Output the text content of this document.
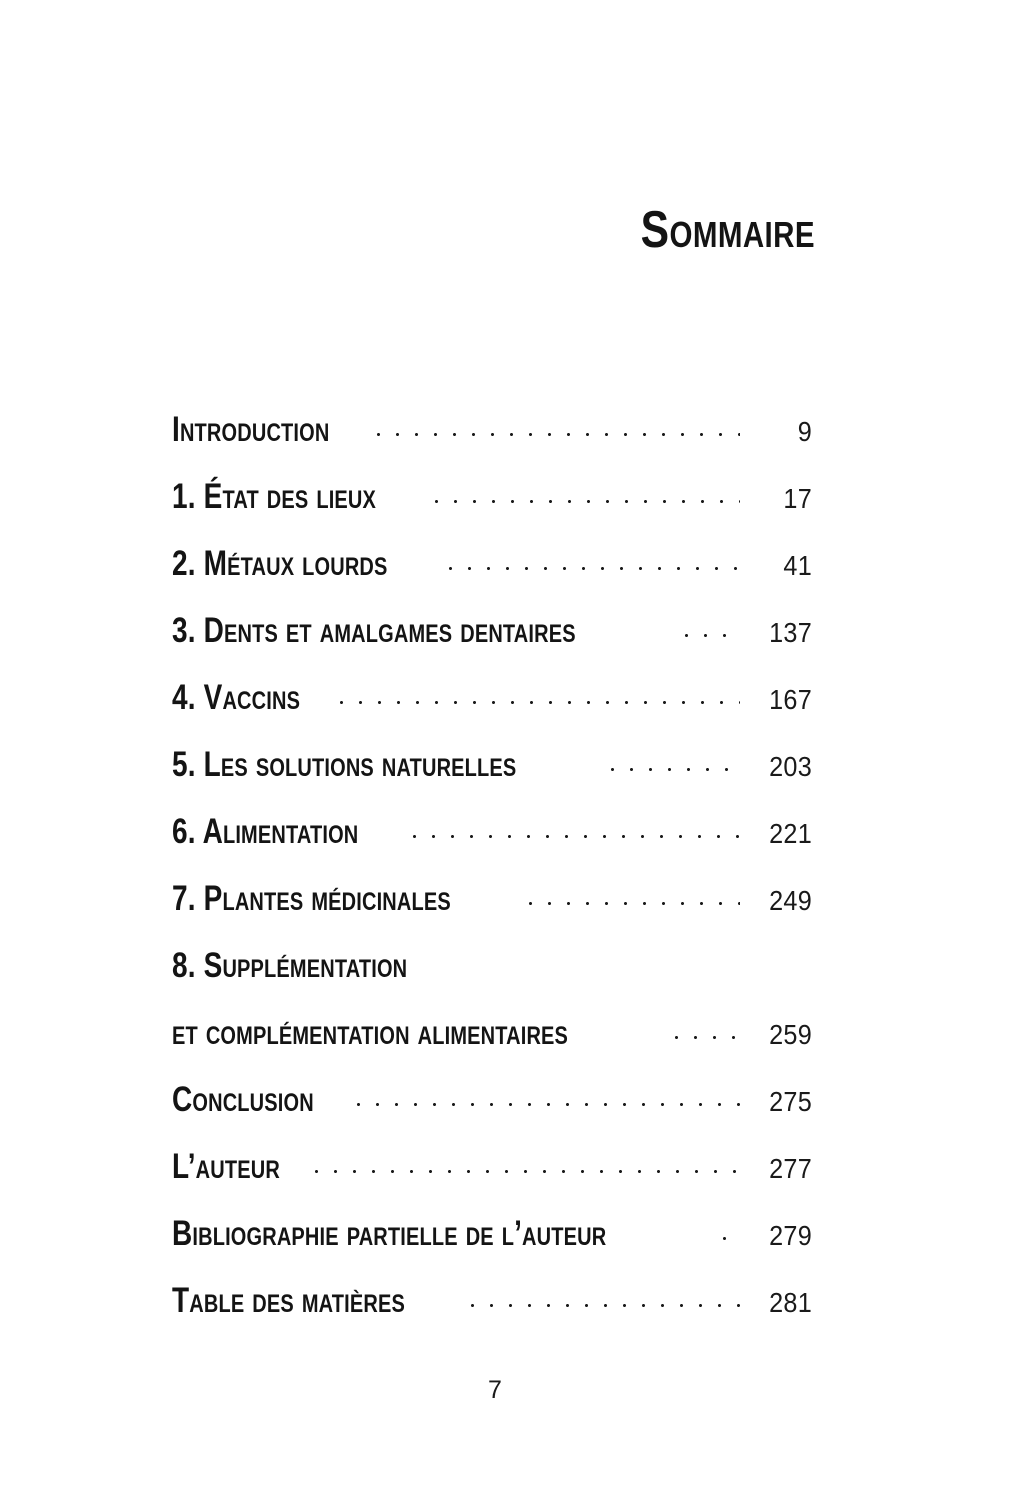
Sommaire
Introduction	9
1. État des lieux	17
2. Métaux lourds	41
3. Dents et amalgames dentaires	137
4. Vaccins	167
5. Les solutions naturelles	203
6. Alimentation	221
7. Plantes médicinales	249
8. Supplémentation
et complémentation alimentaires	259
Conclusion	275
L’auteur	277
Bibliographie partielle de l’auteur	279
Table des matières	281
7
